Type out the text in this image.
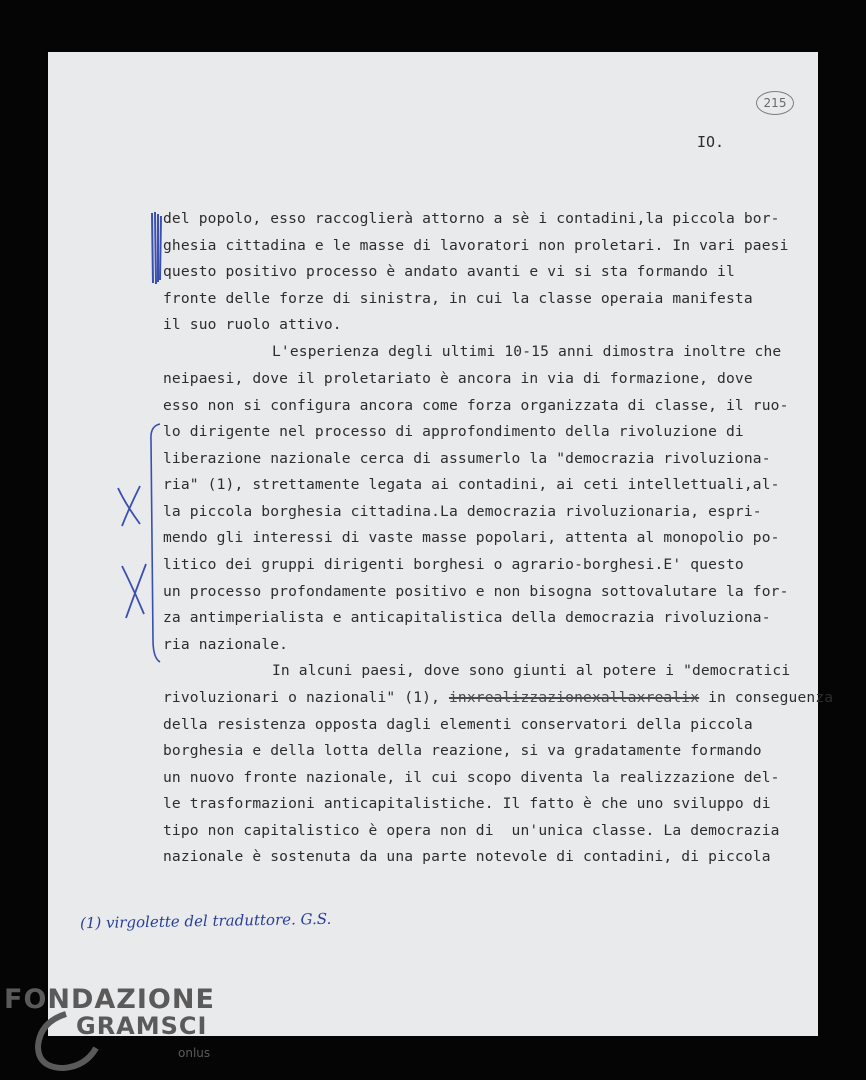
215
IO.
del popolo, esso raccoglierà attorno a sè i contadini,la piccola bor-
ghesia cittadina e le masse di lavoratori non proletari. In vari paesi
questo positivo processo è andato avanti e vi si sta formando il
fronte delle forze di sinistra, in cui la classe operaia manifesta
il suo ruolo attivo.
L'esperienza degli ultimi 10-15 anni dimostra inoltre che
neipaesi, dove il proletariato è ancora in via di formazione, dove
esso non si configura ancora come forza organizzata di classe, il ruo-
lo dirigente nel processo di approfondimento della rivoluzione di
liberazione nazionale cerca di assumerlo la "democrazia rivoluziona-
ria" (1), strettamente legata ai contadini, ai ceti intellettuali,al-
la piccola borghesia cittadina.La democrazia rivoluzionaria, espri-
mendo gli interessi di vaste masse popolari, attenta al monopolio po-
litico dei gruppi dirigenti borghesi o agrario-borghesi.E' questo
un processo profondamente positivo e non bisogna sottovalutare la for-
za antimperialista e anticapitalistica della democrazia rivoluziona-
ria nazionale.
In alcuni paesi, dove sono giunti al potere i "democratici
rivoluzionari o nazionali" (1), inxrealizzazionexallaxrealix in conseguenza
della resistenza opposta dagli elementi conservatori della piccola
borghesia e della lotta della reazione, si va gradatamente formando
un nuovo fronte nazionale, il cui scopo diventa la realizzazione del-
le trasformazioni anticapitalistiche. Il fatto è che uno sviluppo di
tipo non capitalistico è opera non di  un'unica classe. La democrazia
nazionale è sostenuta da una parte notevole di contadini, di piccola
(1) virgolette del traduttore. G.S.
FONDAZIONE
GRAMSCI
onlus
